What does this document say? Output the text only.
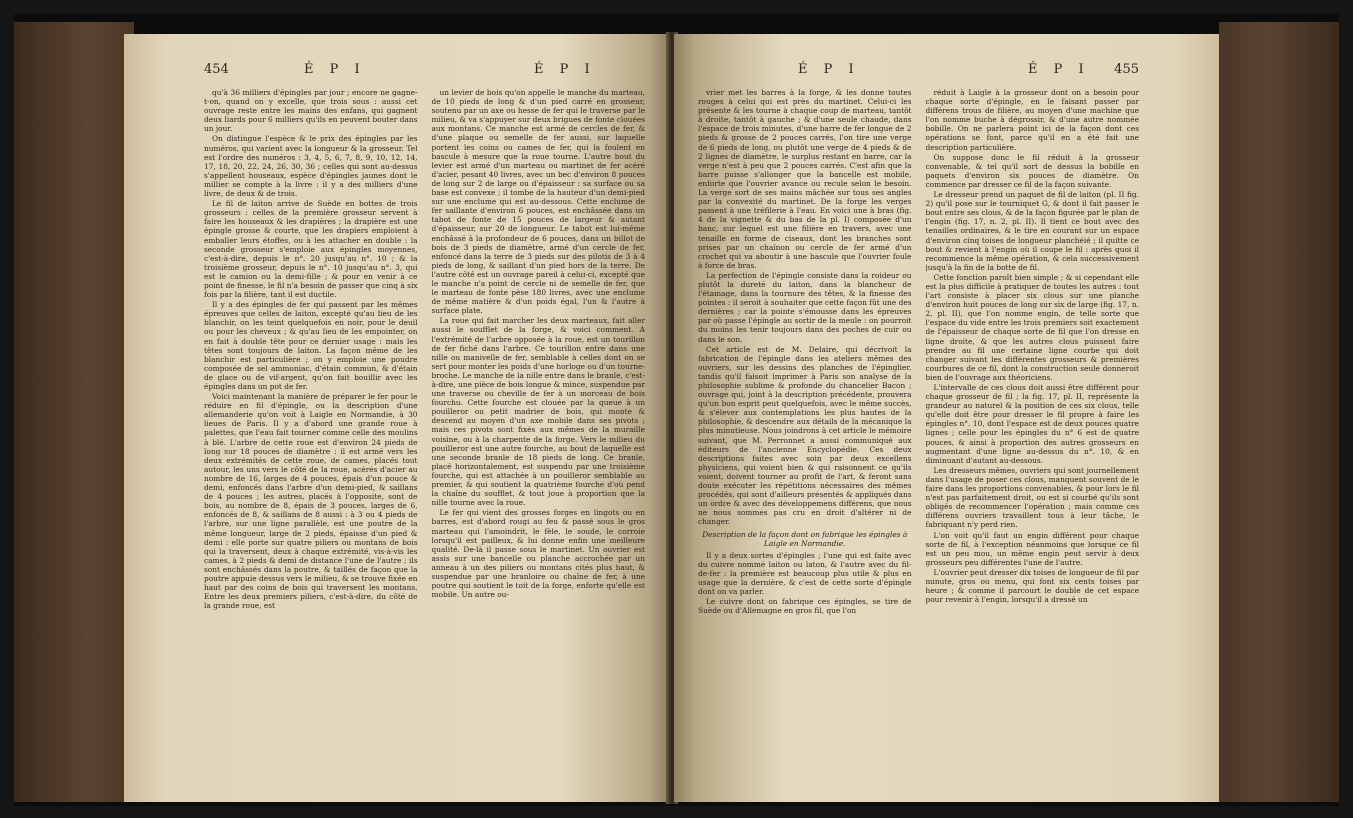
454	É P I	É P I

qu'à 36 milliers d'épingles par jour ; encore ne gagne-t-on, quand on y excelle, que trois sous : aussi cet ouvrage reste entre les mains des enfans, qui gagnent deux liards pour 6 milliers qu'ils en peuvent bouter dans un jour.

On distingue l'espèce & le prix des épingles par les numéros, qui varient avec la longueur & la grosseur. Tel est l'ordre des numéros : 3, 4, 5, 6, 7, 8, 9, 10, 12, 14, 17, 18, 20, 22, 24, 26, 30, 36 ; celles qui sont au-dessus s'appellent houseaux, espèce d'épingles jaunes dont le millier se compte à la livre : il y a des milliers d'une livre, de deux & de trois.

Le fil de laiton arrive de Suède en bottes de trois grosseurs : celles de la première grosseur servent à faire les houseaux & les drapières ; la drapière est une épingle grosse & courte, que les drapiers emploient à emballer leurs étoffes, ou à les attacher en double : la seconde grosseur s'emploie aux épingles moyennes, c'est-à-dire, depuis le n°. 20 jusqu'au n°. 10 ; & la troisième grosseur, depuis le n°. 10 jusqu'au n°. 3, qui est le camion ou la demi-fille ; & pour en venir à ce point de finesse, le fil n'a besoin de passer que cinq à six fois par la filière, tant il est ductile.

Il y a des épingles de fer qui passent par les mêmes épreuves que celles de laiton, excepté qu'au lieu de les blanchir, on les teint quelquefois en noir, pour le deuil ou pour les cheveux ; & qu'au lieu de les empointer, on en fait à double tête pour ce dernier usage : mais les têtes sont toujours de laiton. La façon même de les blanchir est particulière ; on y emploie une poudre composée de sel ammoniac, d'étain commun, & d'étain de glace ou de vif-argent, qu'on fait bouillir avec les épingles dans un pot de fer.

Voici maintenant la manière de préparer le fer pour le réduire en fil d'épingle, ou la description d'une allemanderie qu'on voit à Laigle en Normandie, à 30 lieues de Paris. Il y a d'abord une grande roue à palettes, que l'eau fait tourner comme celle des moulins à blé. L'arbre de cette roue est d'environ 24 pieds de long sur 18 pouces de diamètre : il est armé vers les deux extrémités de cette roue, de cames, placés tout autour, les uns vers le côté de la roue, acérés d'acier au nombre de 16, larges de 4 pouces, épais d'un pouce & demi, enfoncés dans l'arbre d'un demi-pied, & saillans de 4 pouces ; les autres, placés à l'opposite, sont de bois, au nombre de 8, épais de 3 pouces, larges de 6, enfoncés de 8, & saillans de 8 aussi : à 3 ou 4 pieds de l'arbre, sur une ligne parallèle, est une poutre de la même longueur, large de 2 pieds, épaisse d'un pied & demi : elle porte sur quatre piliers ou montans de bois qui la traversent, deux à chaque extrémité, vis-à-vis les cames, à 2 pieds & demi de distance l'une de l'autre ; ils sont enchâssés dans la poutre, & taillés de façon que la poutre appuie dessus vers le milieu, & se trouve fixée en haut par des coins de bois qui traversent les montans. Entre les deux premiers piliers, c'est-à-dire, du côté de la grande roue, est

un levier de bois qu'on appelle le manche du marteau, de 10 pieds de long & d'un pied carré en grosseur, soutenu par un axe ou hesse de fer qui le traverse par le milieu, & va s'appuyer sur deux brigues de fonte clouées aux montans. Ce manche est armé de cercles de fer, & d'une plaque ou semelle de fer aussi, sur laquelle portent les coins ou cames de fer, qui la foulent en bascule à mesure que la roue tourne. L'autre bout du levier est armé d'un marteau ou martinet de fer acéré d'acier, pesant 40 livres, avec un bec d'environ 8 pouces de long sur 2 de large ou d'épaisseur : sa surface ou sa base est convexe ; il tombe de la hauteur d'un demi-pied sur une enclume qui est au-dessous. Cette enclume de fer saillante d'environ 6 pouces, est enchâssée dans un tabot de fonte de 15 pouces de largeur & autant d'épaisseur, sur 20 de longueur. Le tabot est lui-même enchâssé à la profondeur de 6 pouces, dans un billot de bois de 3 pieds de diamètre, armé d'un cercle de fer, enfoncé dans la terre de 3 pieds sur des pilotis de 3 à 4 pieds de long, & saillant d'un pied hors de la terre. De l'autre côté est un ouvrage pareil à celui-ci, excepté que le manche n'a point de cercle ni de semelle de fer, que le marteau de fonte pèse 180 livres, avec une enclume de même matière & d'un poids égal, l'un & l'autre à surface plate.

La roue qui fait marcher les deux marteaux, fait aller aussi le soufflet de la forge, & voici comment. A l'extrémité de l'arbre opposée à la roue, est un tourillon de fer fiché dans l'arbre. Ce tourillon entre dans une nille ou manivelle de fer, semblable à celles dont on se sert pour monter les poids d'une horloge ou d'un tourne-broche. Le manche de la nille entre dans le branle, c'est-à-dire, une pièce de bois longue & mince, suspendue par une traverse ou cheville de fer à un morceau de bois fourchu. Cette fourche est clouée par la queue à un pouilleror ou petit madrier de bois, qui monte & descend au moyen d'un axe mobile dans ses pivots ; mais ces pivots sont fixés aux mêmes de la muraille voisine, ou à la charpente de la forge. Vers le milieu du pouilleror est une autre fourche, au bout de laquelle est une seconde branle de 18 pieds de long. Ce branle, placé horizontalement, est suspendu par une troisième fourche, qui est attachée à un pouilleror semblable au premier, & qui soutient la quatrième fourche d'où pend la chaîne du soufflet, & tout joue à proportion que la nille tourne avec la roue.

Le fer qui vient des grosses forges en lingots ou en barres, est d'abord rougi au feu & passé sous le gros marteau qui l'amoindrit, le fèle, le soude, le corroie lorsqu'il est pailleux, & lui donne enfin une meilleure qualité. De-là il passe sous le martinet. Un ouvrier est assis sur une bancelle ou planche accrochée par un anneau à un des piliers ou montans cités plus haut, & suspendue par une branloire ou chaîne de fer, à une poutre qui soutient le toit de la forge, enforte qu'elle est mobile. Un autre ou-

É P I	É P I 455

vrier met les barres à la forge, & les donne toutes rouges à celui qui est près du martinet. Celui-ci les présente & les tourne à chaque coup de marteau, tantôt à droite, tantôt à gauche ; & d'une seule chaude, dans l'espace de trois minutes, d'une barre de fer longue de 2 pieds & grosse de 2 pouces carrés, l'on tire une verge de 6 pieds de long, ou plutôt une verge de 4 pieds & de 2 lignes de diamètre, le surplus restant en barre, car la verge n'est à peu que 2 pouces carrés. C'est afin que la barre puisse s'allonger que la bancelle est mobile, enforte que l'ouvrier avance ou recule selon le besoin. La verge sort de ses mains mâchée sur tous ses angles par la convexité du martinet. De la forge les verges passent à une tréfilerie à l'eau. En voici une à bras (fig. 4 de la vignette & du bas de la pl. I) composée d'un banc, sur lequel est une filière en travers, avec une tenaille en forme de ciseaux, dont les branches sont prises par un chaînon ou cercle de fer armé d'un crochet qui va aboutir à une bascule que l'ouvrier foule à force de bras.

La perfection de l'épingle consiste dans la roideur ou plutôt la dureté du laiton, dans la blancheur de l'étamage, dans la tournure des têtes, & la finesse des pointes : il seroit à souhaiter que cette façon fût une des dernières ; car la pointe s'émousse dans les épreuves par où passe l'épingle au sortir de la meule : on pourroit du moins les tenir toujours dans des poches de cuir ou dans le son.

Cet article est de M. Delaire, qui décrivoit la fabrication de l'épingle dans les ateliers mêmes des ouvriers, sur les dessins des planches de l'épinglier, tandis qu'il faisoit imprimer à Paris son analyse de la philosophie sublime & profonde du chancelier Bacon ; ouvrage qui, joint à la description précédente, prouvera qu'un bon esprit peut quelquefois, avec le même succès, & s'élever aux contemplations les plus hautes de la philosophie, & descendre aux détails de la mécanique la plus minutieuse. Nous joindrons à cet article le mémoire suivant, que M. Perronnet a aussi communiqué aux éditeurs de l'ancienne Encyclopédie. Ces deux descriptions faites avec soin par deux excellens physiciens, qui voient bien & qui raisonnent ce qu'ils voient, doivent tourner au profit de l'art, & feront sans doute exécuter les répétitions nécessaires des mêmes procédés, qui sont d'ailleurs présentés & appliqués dans un ordre & avec des développemens différens, que nous ne nous sommes pas cru en droit d'altérer ni de changer.

Description de la façon dont on fabrique les épingles à Laigle en Normandie.

Il y a deux sortes d'épingles ; l'une qui est faite avec du cuivre nommé laiton ou laton, & l'autre avec du fil-de-fer : la première est beaucoup plus utile & plus en usage que la dernière, & c'est de cette sorte d'épingle dont on va parler.

Le cuivre dont on fabrique ces épingles, se tire de Suède ou d'Allemagne en gros fil, que l'on

réduit à Laigle à la grosseur dont on a besoin pour chaque sorte d'épingle, en le faisant passer par différens trous de filière, au moyen d'une machine que l'on nomme buche à dégrossir, & d'une autre nommée bobille. On ne parlera point ici de la façon dont ces opérations se font, parce qu'il en a été fait une description particulière.

On suppose donc le fil réduit à la grosseur convenable, & tel qu'il sort de dessus la bobille en paquets d'environ six pouces de diamètre. On commence par dresser ce fil de la façon suivante.

Le dresseur prend un paquet de fil de laiton (pl. II fig. 2) qu'il pose sur le tourniquet G, & dont il fait passer le bout entre ses clous, & de la façon figurée par le plan de l'engin (fig. 17, n. 2, pl. II). Il tient ce bout avec des tenailles ordinaires, & le tire en courant sur un espace d'environ cinq toises de longueur planchéié ; il quitte ce bout & revient à l'engin où il coupe le fil : après quoi il recommence la même opération, & cela successivement jusqu'à la fin de la botte de fil.

Cette fonction paroît bien simple ; & si cependant elle est la plus difficile à pratiquer de toutes les autres : tout l'art consiste à placer six clous sur une planche d'environ huit pouces de long sur six de large (fig. 17, n. 2, pl. II), que l'on nomme engin, de telle sorte que l'espace du vide entre les trois premiers soit exactement de l'épaisseur de chaque sorte de fil que l'on dresse en ligne droite, & que les autres clous puissent faire prendre au fil une certaine ligne courbe qui doit changer suivant les différentes grosseurs & premières courbures de ce fil, dont la construction seule donneroit bien de l'ouvrage aux théoriciens.

L'intervalle de ces clous doit aussi être différent pour chaque grosseur de fil ; la fig. 17, pl. II, représente la grandeur au naturel & la position de ces six clous, telle qu'elle doit être pour dresser le fil propre à faire les épingles n°. 10, dont l'espace est de deux pouces quatre lignes ; celle pour les épingles du n° 6 est de quatre pouces, & ainsi à proportion des autres grosseurs en augmentant d'une ligne au-dessus du n°. 10, & en diminuant d'autant au-dessous.

Les dresseurs mêmes, ouvriers qui sont journellement dans l'usage de poser ces clous, manquent souvent de le faire dans les proportions convenables, & pour lors le fil n'est pas parfaitement droit, ou est si courbé qu'ils sont obligés de recommencer l'opération ; mais comme ces différens ouvriers travaillent tous à leur tâche, le fabriquant n'y perd rien.

L'on voit qu'il faut un engin différent pour chaque sorte de fil, à l'exception néanmoins que lorsque ce fil est un peu mou, un même engin peut servir à deux grosseurs peu différentes l'une de l'autre.

L'ouvrier peut dresser dix toises de longueur de fil par minute, gros ou menu, qui font six cents toises par heure ; & comme il parcourt le double de cet espace pour revenir à l'engin, lorsqu'il a dressé un
